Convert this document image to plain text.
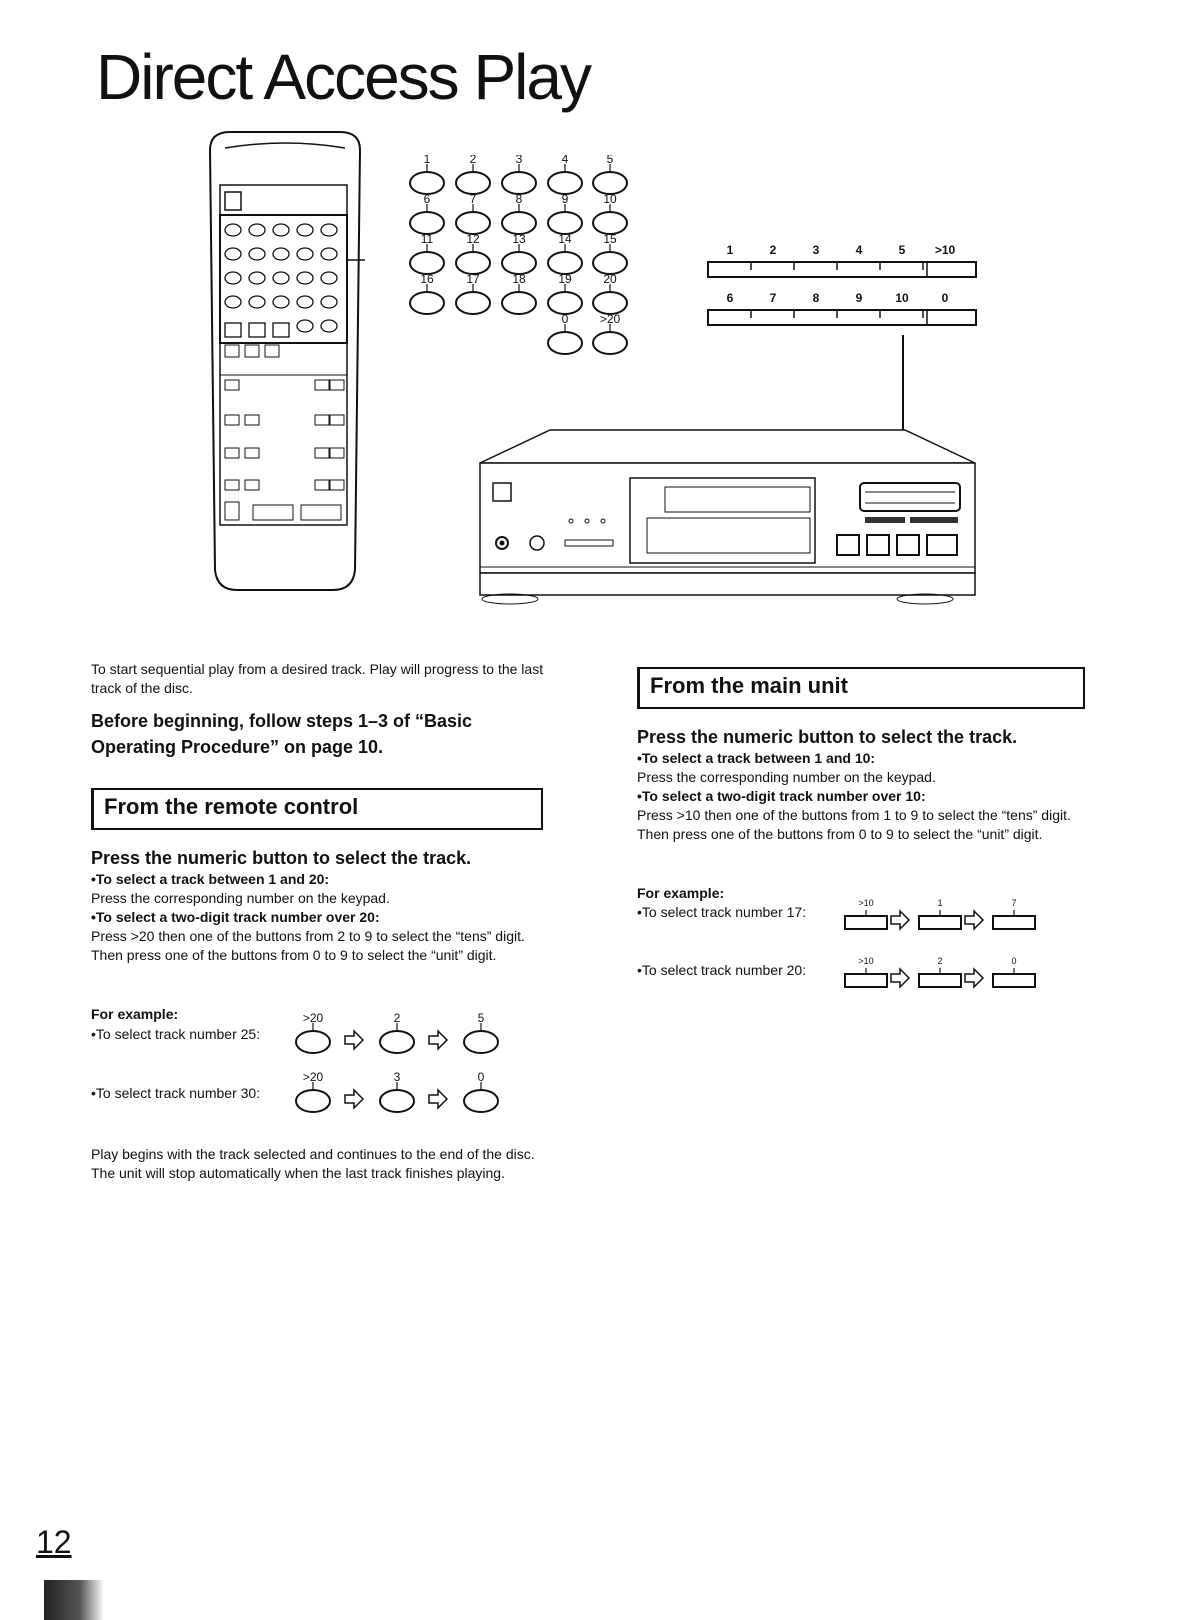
Direct Access Play
1	2	3	4	5
6	7	8	9	10
11	12	13	14	15
16	17	18	19	20
0	>20
1	2	3	4	5 >10
6	7	8	9	10	0
To start sequential play from a desired track. Play will progress to the last track of the disc.
Before beginning, follow steps 1–3 of “Basic Operating Procedure” on page 10.
From the remote control
Press the numeric button to select the track.
•To select a track between 1 and 20:
Press the corresponding number on the keypad.
•To select a two-digit track number over 20:
Press >20 then one of the buttons from 2 to 9 to select the “tens” digit. Then press one of the buttons from 0 to 9 to select the “unit” digit.
For example:
•To select track number 25:
>20	2	5
•To select track number 30:
>20	3	0
Play begins with the track selected and continues to the end of the disc. The unit will stop automatically when the last track finishes playing.
From the main unit
Press the numeric button to select the track.
•To select a track between 1 and 10:
Press the corresponding number on the keypad.
•To select a two-digit track number over 10:
Press >10 then one of the buttons from 1 to 9 to select the “tens” digit. Then press one of the buttons from 0 to 9 to select the “unit” digit.
For example:
•To select track number 17:
>10	1	7
•To select track number 20:
>10	2	0
12
